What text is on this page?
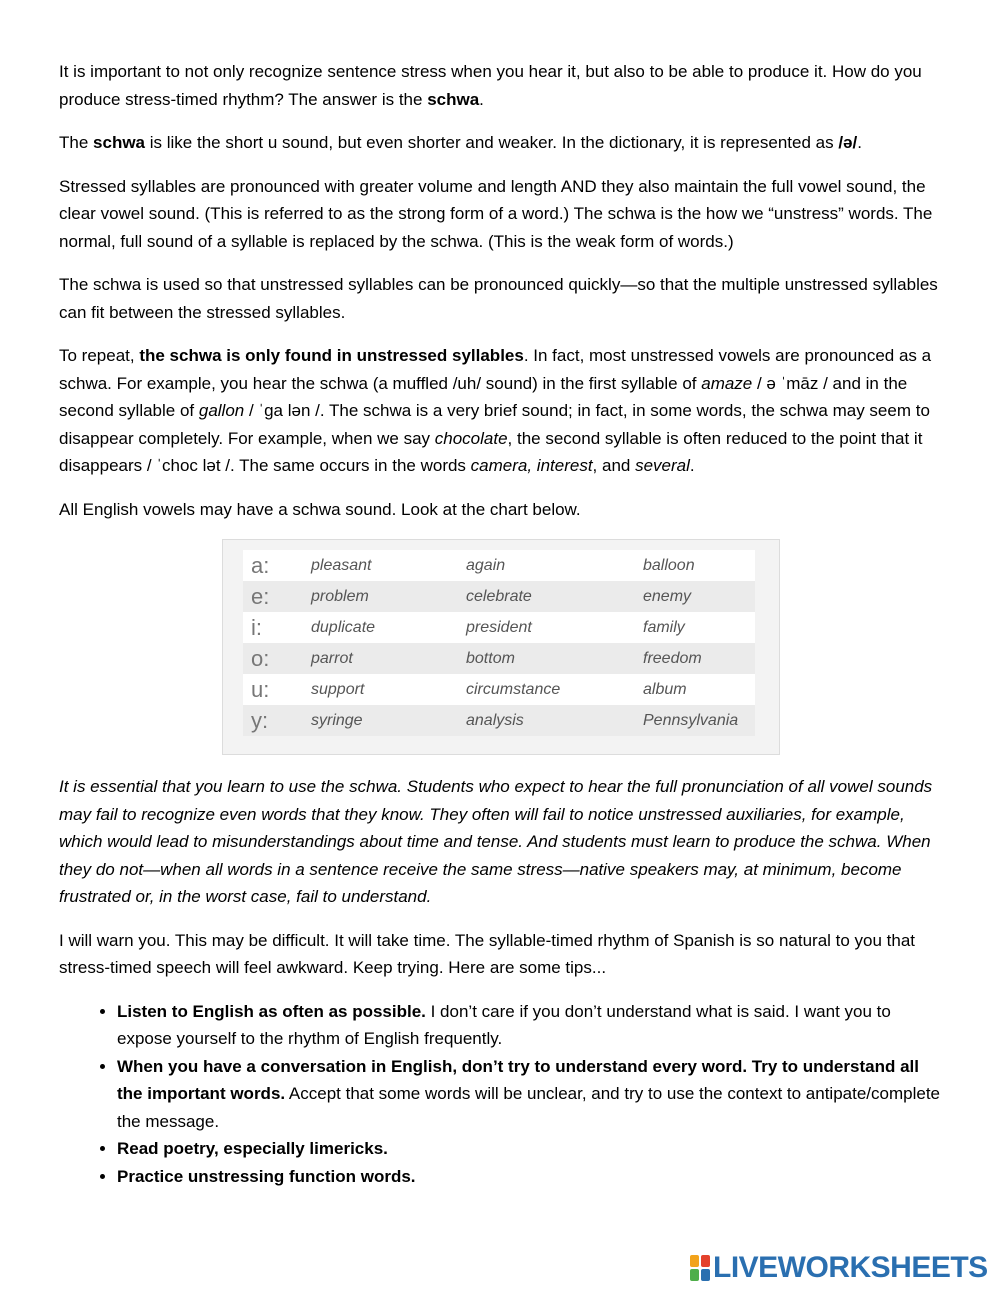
It is important to not only recognize sentence stress when you hear it, but also to be able to produce it. How do you produce stress-timed rhythm? The answer is the schwa.

The schwa is like the short u sound, but even shorter and weaker. In the dictionary, it is represented as /ə/.

Stressed syllables are pronounced with greater volume and length AND they also maintain the full vowel sound, the clear vowel sound. (This is referred to as the strong form of a word.) The schwa is the how we “unstress” words. The normal, full sound of a syllable is replaced by the schwa. (This is the weak form of words.)

The schwa is used so that unstressed syllables can be pronounced quickly—so that the multiple unstressed syllables can fit between the stressed syllables.

To repeat, the schwa is only found in unstressed syllables. In fact, most unstressed vowels are pronounced as a schwa. For example, you hear the schwa (a muffled /uh/ sound) in the first syllable of amaze / ə ˈmāz / and in the second syllable of gallon / ˈga lən /. The schwa is a very brief sound; in fact, in some words, the schwa may seem to disappear completely. For example, when we say chocolate, the second syllable is often reduced to the point that it disappears / ˈchoc lət /. The same occurs in the words camera, interest, and several.

All English vowels may have a schwa sound. Look at the chart below.

a:	pleasant	again	balloon
e:	problem	celebrate	enemy
i:	duplicate	president	family
o:	parrot	bottom	freedom
u:	support	circumstance	album
y:	syringe	analysis	Pennsylvania

It is essential that you learn to use the schwa. Students who expect to hear the full pronunciation of all vowel sounds may fail to recognize even words that they know. They often will fail to notice unstressed auxiliaries, for example, which would lead to misunderstandings about time and tense. And students must learn to produce the schwa. When they do not—when all words in a sentence receive the same stress—native speakers may, at minimum, become frustrated or, in the worst case, fail to understand.

I will warn you. This may be difficult. It will take time. The syllable-timed rhythm of Spanish is so natural to you that stress-timed speech will feel awkward. Keep trying. Here are some tips...

• Listen to English as often as possible. I don’t care if you don’t understand what is said. I want you to expose yourself to the rhythm of English frequently.
• When you have a conversation in English, don’t try to understand every word. Try to understand all the important words. Accept that some words will be unclear, and try to use the context to antipate/complete the message.
• Read poetry, especially limericks.
• Practice unstressing function words.
LIVEWORKSHEETS
